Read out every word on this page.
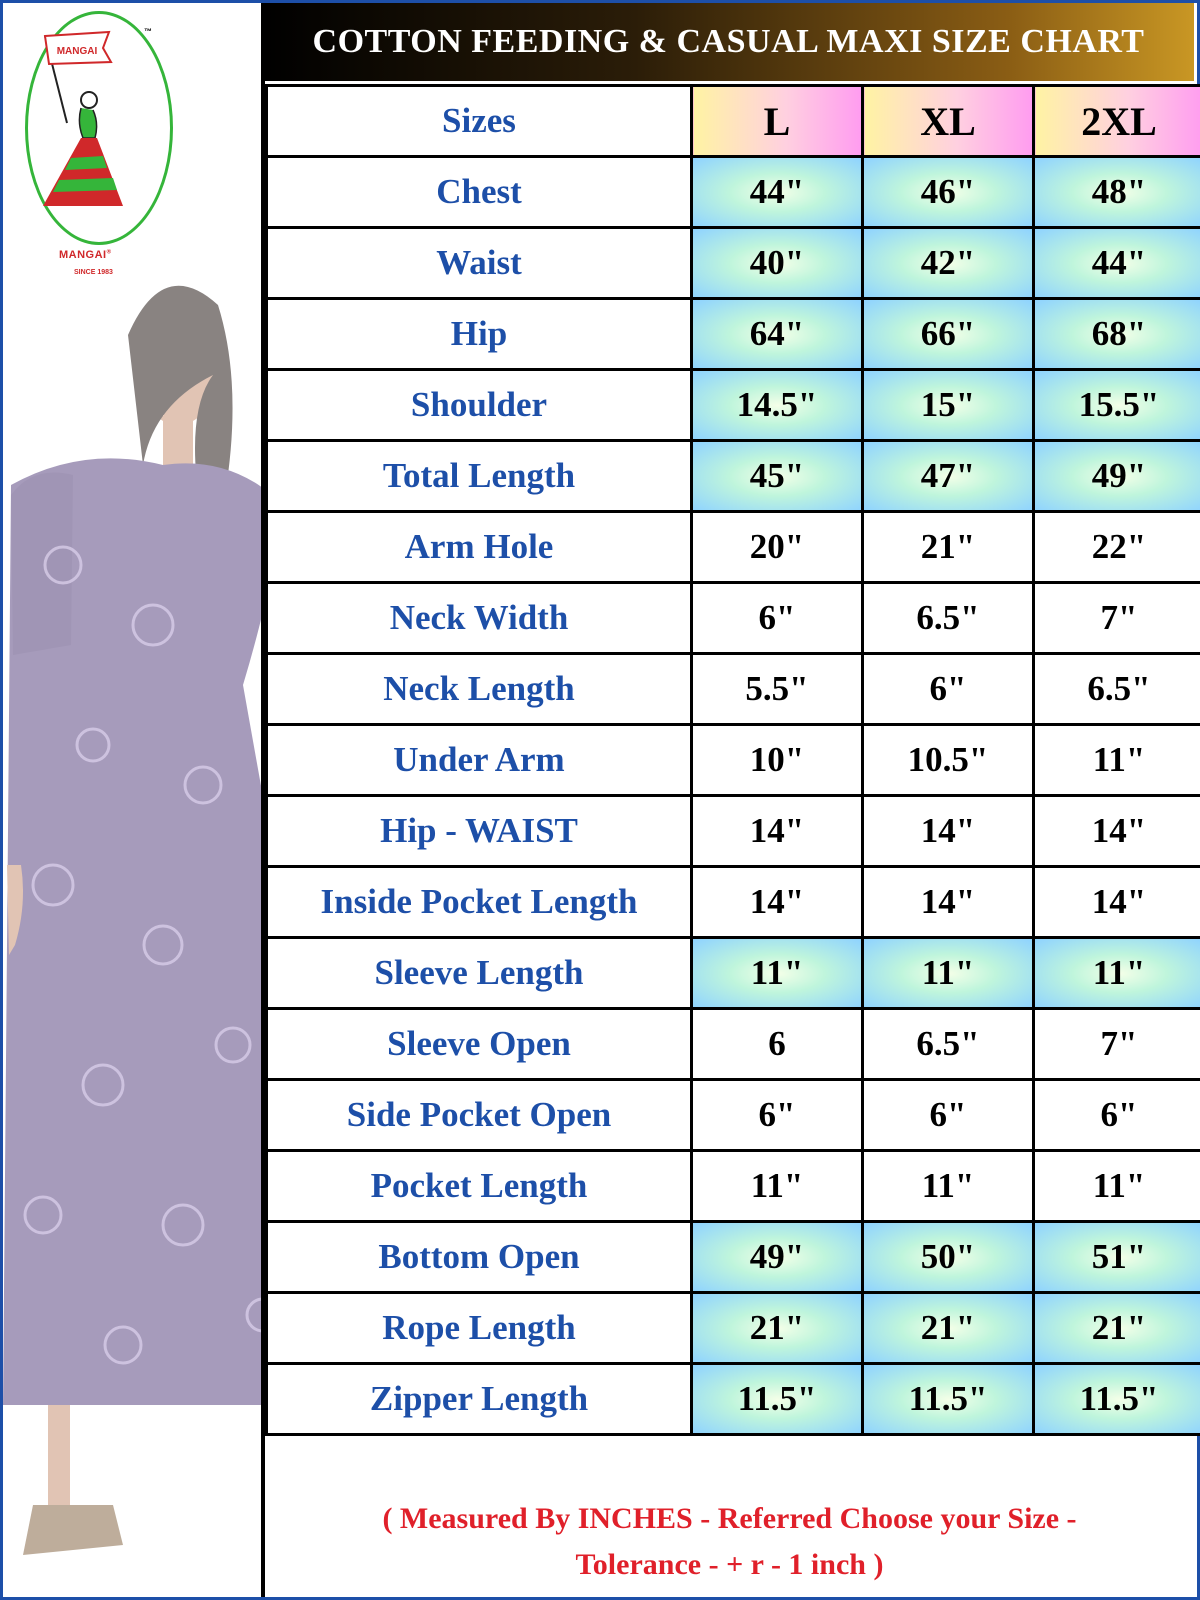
MANGAI
™
MANGAI®
SINCE 1983
COTTON FEEDING & CASUAL MAXI SIZE CHART
Sizes	L	XL	2XL
Chest	44"	46"	48"
Waist	40"	42"	44"
Hip	64"	66"	68"
Shoulder	14.5"	15"	15.5"
Total Length	45"	47"	49"
Arm Hole	20"	21"	22"
Neck Width	6"	6.5"	7"
Neck Length	5.5"	6"	6.5"
Under Arm	10"	10.5"	11"
Hip - WAIST	14"	14"	14"
Inside Pocket Length	14"	14"	14"
Sleeve Length	11"	11"	11"
Sleeve Open	6	6.5"	7"
Side Pocket Open	6"	6"	6"
Pocket Length	11"	11"	11"
Bottom Open	49"	50"	51"
Rope Length	21"	21"	21"
Zipper Length	11.5"	11.5"	11.5"
( Measured By INCHES - Referred Choose your Size -
Tolerance - + r - 1 inch )
